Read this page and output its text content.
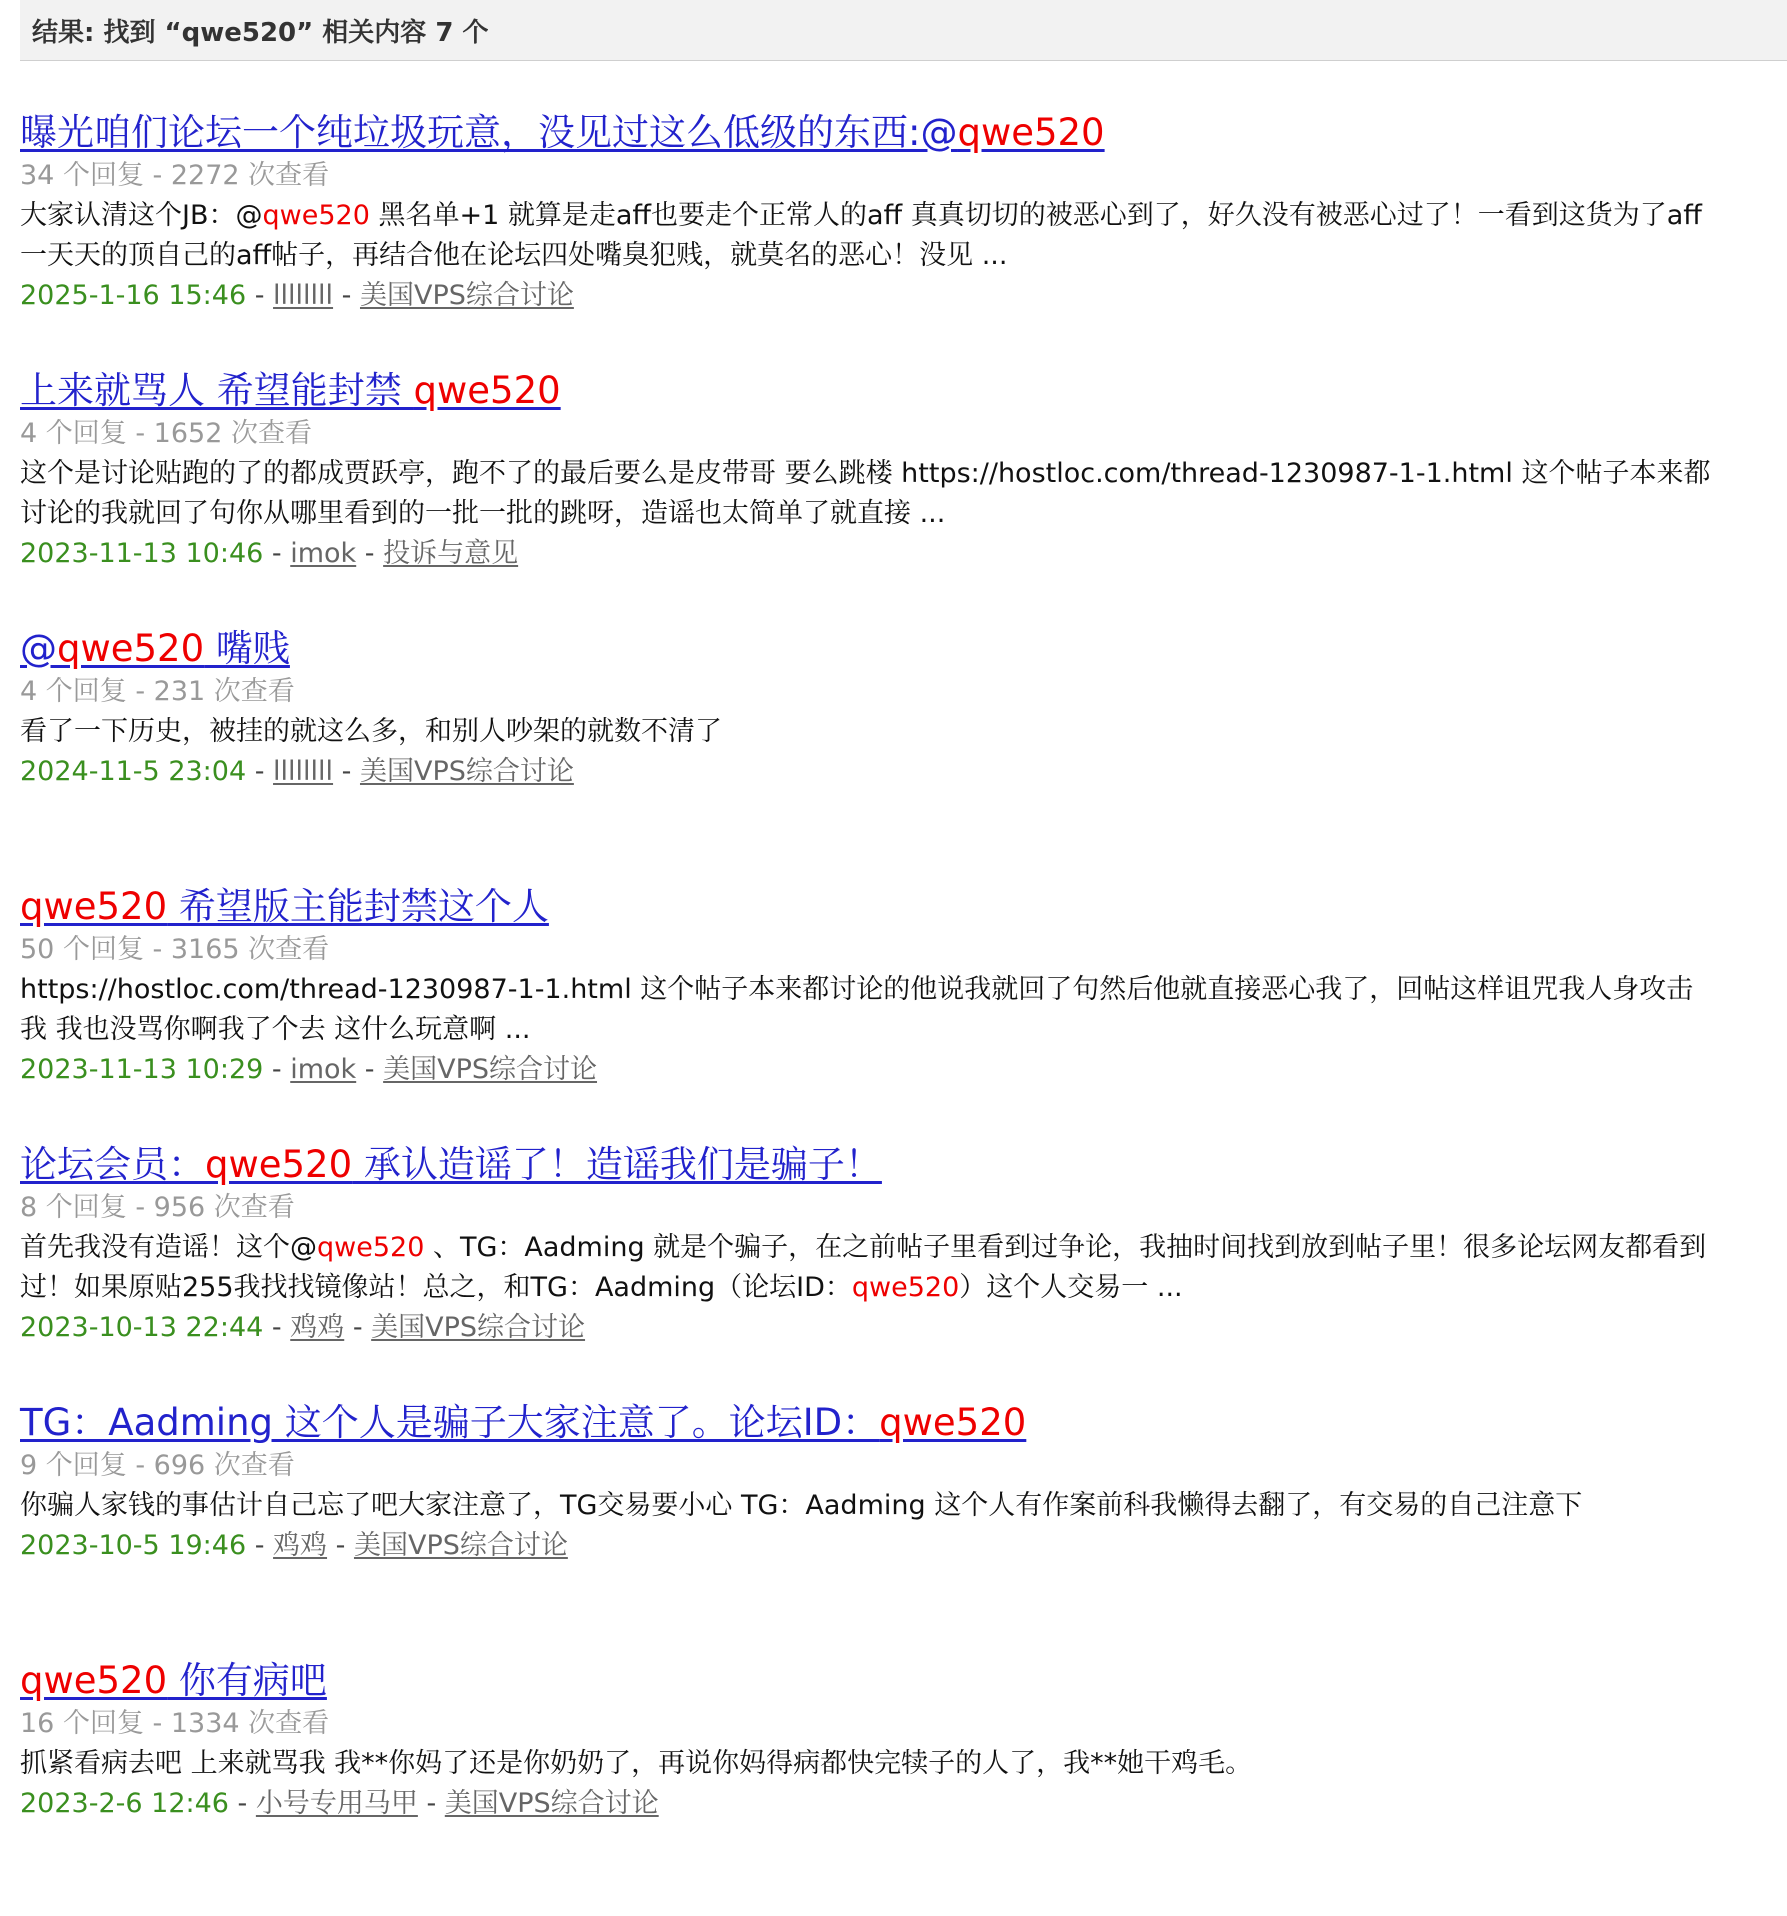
结果: 找到 “qwe520” 相关内容 7 个
曝光咱们论坛一个纯垃圾玩意，没见过这么低级的东西:@qwe520
34 个回复 - 2272 次查看
大家认清这个JB：@qwe520 黑名单+1 就算是走aff也要走个正常人的aff 真真切切的被恶心到了，好久没有被恶心过了！一看到这货为了aff一天天的顶自己的aff帖子，再结合他在论坛四处嘴臭犯贱，就莫名的恶心！没见 ...
2025-1-16 15:46 - llllllll - 美国VPS综合讨论
上来就骂人 希望能封禁 qwe520
4 个回复 - 1652 次查看
这个是讨论贴跑的了的都成贾跃亭，跑不了的最后要么是皮带哥 要么跳楼 https://hostloc.com/thread-1230987-1-1.html 这个帖子本来都讨论的我就回了句你从哪里看到的一批一批的跳呀，造谣也太简单了就直接 ...
2023-11-13 10:46 - imok - 投诉与意见
@qwe520 嘴贱
4 个回复 - 231 次查看
看了一下历史，被挂的就这么多，和别人吵架的就数不清了
2024-11-5 23:04 - llllllll - 美国VPS综合讨论
qwe520 希望版主能封禁这个人
50 个回复 - 3165 次查看
https://hostloc.com/thread-1230987-1-1.html 这个帖子本来都讨论的他说我就回了句然后他就直接恶心我了，回帖这样诅咒我人身攻击我 我也没骂你啊我了个去 这什么玩意啊 ...
2023-11-13 10:29 - imok - 美国VPS综合讨论
论坛会员：qwe520 承认造谣了！造谣我们是骗子！
8 个回复 - 956 次查看
首先我没有造谣！这个@qwe520 、TG：Aadming 就是个骗子，在之前帖子里看到过争论，我抽时间找到放到帖子里！很多论坛网友都看到过！如果原贴255我找找镜像站！总之，和TG：Aadming（论坛ID：qwe520）这个人交易一 ...
2023-10-13 22:44 - 鸡鸡 - 美国VPS综合讨论
TG：Aadming 这个人是骗子大家注意了。论坛ID：qwe520
9 个回复 - 696 次查看
你骗人家钱的事估计自己忘了吧大家注意了，TG交易要小心 TG：Aadming 这个人有作案前科我懒得去翻了，有交易的自己注意下
2023-10-5 19:46 - 鸡鸡 - 美国VPS综合讨论
qwe520 你有病吧
16 个回复 - 1334 次查看
抓紧看病去吧 上来就骂我 我**你妈了还是你奶奶了，再说你妈得病都快完犊子的人了，我**她干鸡毛。
2023-2-6 12:46 - 小号专用马甲 - 美国VPS综合讨论
